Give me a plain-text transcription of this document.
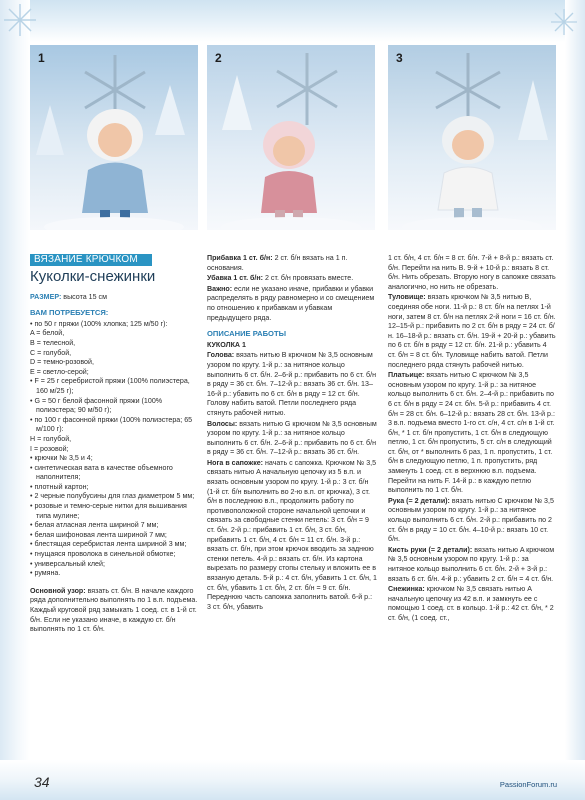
1	2	3
ВЯЗАНИЕ КРЮЧКОМ
Куколки-снежинки

РАЗМЕР: высота 15 см

ВАМ ПОТРЕБУЕТСЯ:

• по 50 г пряжи (100% хлопка; 125 м/50 г):
A = белой,
B = телесной,
C = голубой,
D = темно-розовой,
E = светло-серой;
• F = 25 г серебристой пряжи (100% полиэстера, 160 м/25 г);
• G = 50 г белой фасонной пряжи (100% полиэстера; 90 м/50 г);
• по 100 г фасонной пряжи (100% полиэстера; 65 м/100 г):
H = голубой,
I = розовой;
• крючки № 3,5 и 4;
• синтетическая вата в качестве объемного наполнителя;
• плотный картон;
• 2 черные полубусины для глаз диаметром 5 мм;
• розовые и темно-серые нитки для вышивания типа мулине;
• белая атласная лента шириной 7 мм;
• белая шифоновая лента шириной 7 мм;
• блестящая серебристая лента шириной 3 мм;
• гнущаяся проволока в синельной обмотке;
• универсальный клей;
• румяна.

Основной узор: вязать ст. б/н. В начале каждого ряда дополнительно выполнять по 1 в.п. подъема. Каждый круговой ряд замыкать 1 соед. ст. в 1-й ст. б/н. Если не указано иначе, в каждую ст. б/н выполнять по 1 ст. б/н.

Прибавка 1 ст. б/н: 2 ст. б/н вязать на 1 п. основания.

Убавка 1 ст. б/н: 2 ст. б/н провязать вместе.

Важно: если не указано иначе, прибавки и убавки распределять в ряду равномерно и со смещением по отношению к прибавкам и убавкам предыдущего ряда.

ОПИСАНИЕ РАБОТЫ

КУКОЛКА 1

Голова: вязать нитью B крючком № 3,5 основным узором по кругу. 1-й р.: за нитяное кольцо выполнить 6 ст. б/н. 2–6-й р.: прибавить по 6 ст. б/н в ряду = 36 ст. б/н. 7–12-й р.: вязать 36 ст. б/н. 13–16-й р.: убавить по 6 ст. б/н в ряду = 12 ст. б/н. Голову набить ватой. Петли последнего ряда стянуть рабочей нитью.

Волосы: вязать нитью G крючком № 3,5 основным узором по кругу. 1-й р.: за нитяное кольцо выполнить 6 ст. б/н. 2–6-й р.: прибавить по 6 ст. б/н в ряду = 36 ст. б/н. 7–12-й р.: вязать 36 ст. б/н.

Нога в сапожке: начать с сапожка. Крючком № 3,5 связать нитью A начальную цепочку из 5 в.п. и вязать основным узором по кругу. 1-й р.: 3 ст. б/н (1-й ст. б/н выполнить во 2-ю в.п. от крючка), 3 ст. б/н в последнюю в.п., продолжить работу по противоположной стороне начальной цепочки и связать за свободные стенки петель: 3 ст. б/н = 9 ст. б/н. 2-й р.: прибавить 1 ст. б/н, 3 ст. б/н, прибавить 1 ст. б/н, 4 ст. б/н = 11 ст. б/н. 3-й р.: вязать ст. б/н, при этом крючок вводить за заднюю стенки петель. 4-й р.: вязать ст. б/н. Из картона вырезать по размеру стопы стельку и вложить ее в вязаную деталь. 5-й р.: 4 ст. б/н, убавить 1 ст. б/н, 1 ст. б/н, убавить 1 ст. б/н, 2 ст. б/н = 9 ст. б/н. Переднюю часть сапожка заполнить ватой. 6-й р.: 3 ст. б/н, убавить

1 ст. б/н, 4 ст. б/н = 8 ст. б/н. 7-й + 8-й р.: вязать ст. б/н. Перейти на нить B. 9-й + 10-й р.: вязать 8 ст. б/н. Нить обрезать. Вторую ногу в сапожке связать аналогично, но нить не обрезать.

Туловище: вязать крючком № 3,5 нитью B, соединяя обе ноги. 11-й р.: 8 ст. б/н на петлях 1-й ноги, затем 8 ст. б/н на петлях 2-й ноги = 16 ст. б/н. 12–15-й р.: прибавить по 2 ст. б/н в ряду = 24 ст. б/н. 16–18-й р.: вязать ст. б/н. 19-й + 20-й р.: убавить по 6 ст. б/н в ряду = 12 ст. б/н. 21-й р.: убавить 4 ст. б/н = 8 ст. б/н. Туловище набить ватой. Петли последнего ряда стянуть рабочей нитью.

Платьице: вязать нитью C крючком № 3,5 основным узором по кругу. 1-й р.: за нитяное кольцо выполнить 6 ст. б/н. 2–4-й р.: прибавить по 6 ст. б/н в ряду = 24 ст. б/н. 5-й р.: прибавить 4 ст. б/н = 28 ст. б/н. 6–12-й р.: вязать 28 ст. б/н. 13-й р.: 3 в.п. подъема вместо 1-го ст. с/н, 4 ст. с/н в 1-й ст. б/н, * 1 ст. б/н пропустить, 1 ст. б/н в следующую петлю, 1 ст. б/н пропустить, 5 ст. с/н в следующий ст. б/н, от * выполнить 6 раз, 1 п. пропустить, 1 ст. б/н в следующую петлю, 1 п. пропустить, ряд замкнуть 1 соед. ст. в верхнюю в.п. подъема. Перейти на нить F. 14-й р.: в каждую петлю выполнить по 1 ст. б/н.

Рука (= 2 детали): вязать нитью C крючком № 3,5 основным узором по кругу. 1-й р.: за нитяное кольцо выполнить 6 ст. б/н. 2-й р.: прибавить по 2 ст. б/н в ряду = 10 ст. б/н. 4–10-й р.: вязать 10 ст. б/н.

Кисть руки (= 2 детали): вязать нитью A крючком № 3,5 основным узором по кругу. 1-й р.: за нитяное кольцо выполнить 6 ст. б/н. 2-й + 3-й р.: вязать 6 ст. б/н. 4-й р.: убавить 2 ст. б/н = 4 ст. б/н.

Снежинка: крючком № 3,5 связать нитью A начальную цепочку из 42 в.п. и замкнуть ее с помощью 1 соед. ст. в кольцо. 1-й р.: 42 ст. б/н, * 2 ст. б/н, (1 соед. ст.,

34	PassionForum.ru
